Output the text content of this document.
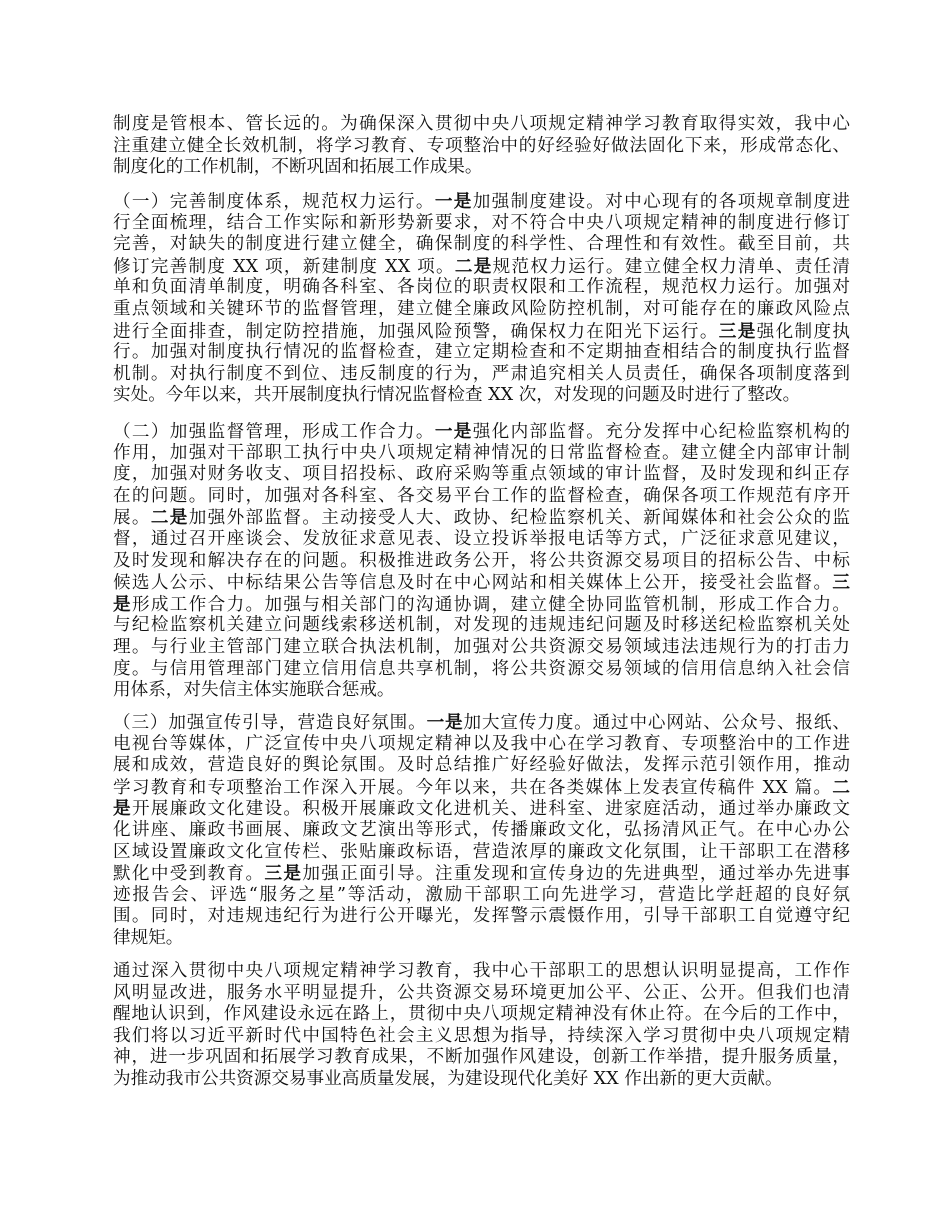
制度是管根本、管长远的。为确保深入贯彻中央八项规定精神学习教育取得实效，我中心
注重建立健全长效机制，将学习教育、专项整治中的好经验好做法固化下来，形成常态化、
制度化的工作机制，不断巩固和拓展工作成果。
（一）完善制度体系，规范权力运行。一是加强制度建设。对中心现有的各项规章制度进
行全面梳理，结合工作实际和新形势新要求，对不符合中央八项规定精神的制度进行修订
完善，对缺失的制度进行建立健全，确保制度的科学性、合理性和有效性。截至目前，共
修订完善制度 XX 项，新建制度 XX 项。二是规范权力运行。建立健全权力清单、责任清
单和负面清单制度，明确各科室、各岗位的职责权限和工作流程，规范权力运行。加强对
重点领域和关键环节的监督管理，建立健全廉政风险防控机制，对可能存在的廉政风险点
进行全面排查，制定防控措施，加强风险预警，确保权力在阳光下运行。三是强化制度执
行。加强对制度执行情况的监督检查，建立定期检查和不定期抽查相结合的制度执行监督
机制。对执行制度不到位、违反制度的行为，严肃追究相关人员责任，确保各项制度落到
实处。今年以来，共开展制度执行情况监督检查 XX 次，对发现的问题及时进行了整改。
（二）加强监督管理，形成工作合力。一是强化内部监督。充分发挥中心纪检监察机构的
作用，加强对干部职工执行中央八项规定精神情况的日常监督检查。建立健全内部审计制
度，加强对财务收支、项目招投标、政府采购等重点领域的审计监督，及时发现和纠正存
在的问题。同时，加强对各科室、各交易平台工作的监督检查，确保各项工作规范有序开
展。二是加强外部监督。主动接受人大、政协、纪检监察机关、新闻媒体和社会公众的监
督，通过召开座谈会、发放征求意见表、设立投诉举报电话等方式，广泛征求意见建议，
及时发现和解决存在的问题。积极推进政务公开，将公共资源交易项目的招标公告、中标
候选人公示、中标结果公告等信息及时在中心网站和相关媒体上公开，接受社会监督。三
是形成工作合力。加强与相关部门的沟通协调，建立健全协同监管机制，形成工作合力。
与纪检监察机关建立问题线索移送机制，对发现的违规违纪问题及时移送纪检监察机关处
理。与行业主管部门建立联合执法机制，加强对公共资源交易领域违法违规行为的打击力
度。与信用管理部门建立信用信息共享机制，将公共资源交易领域的信用信息纳入社会信
用体系，对失信主体实施联合惩戒。
（三）加强宣传引导，营造良好氛围。一是加大宣传力度。通过中心网站、公众号、报纸、
电视台等媒体，广泛宣传中央八项规定精神以及我中心在学习教育、专项整治中的工作进
展和成效，营造良好的舆论氛围。及时总结推广好经验好做法，发挥示范引领作用，推动
学习教育和专项整治工作深入开展。今年以来，共在各类媒体上发表宣传稿件 XX 篇。二
是开展廉政文化建设。积极开展廉政文化进机关、进科室、进家庭活动，通过举办廉政文
化讲座、廉政书画展、廉政文艺演出等形式，传播廉政文化，弘扬清风正气。在中心办公
区域设置廉政文化宣传栏、张贴廉政标语，营造浓厚的廉政文化氛围，让干部职工在潜移
默化中受到教育。三是加强正面引导。注重发现和宣传身边的先进典型，通过举办先进事
迹报告会、评选“服务之星”等活动，激励干部职工向先进学习，营造比学赶超的良好氛
围。同时，对违规违纪行为进行公开曝光，发挥警示震慑作用，引导干部职工自觉遵守纪
律规矩。
通过深入贯彻中央八项规定精神学习教育，我中心干部职工的思想认识明显提高，工作作
风明显改进，服务水平明显提升，公共资源交易环境更加公平、公正、公开。但我们也清
醒地认识到，作风建设永远在路上，贯彻中央八项规定精神没有休止符。在今后的工作中，
我们将以习近平新时代中国特色社会主义思想为指导，持续深入学习贯彻中央八项规定精
神，进一步巩固和拓展学习教育成果，不断加强作风建设，创新工作举措，提升服务质量，
为推动我市公共资源交易事业高质量发展，为建设现代化美好 XX 作出新的更大贡献。
